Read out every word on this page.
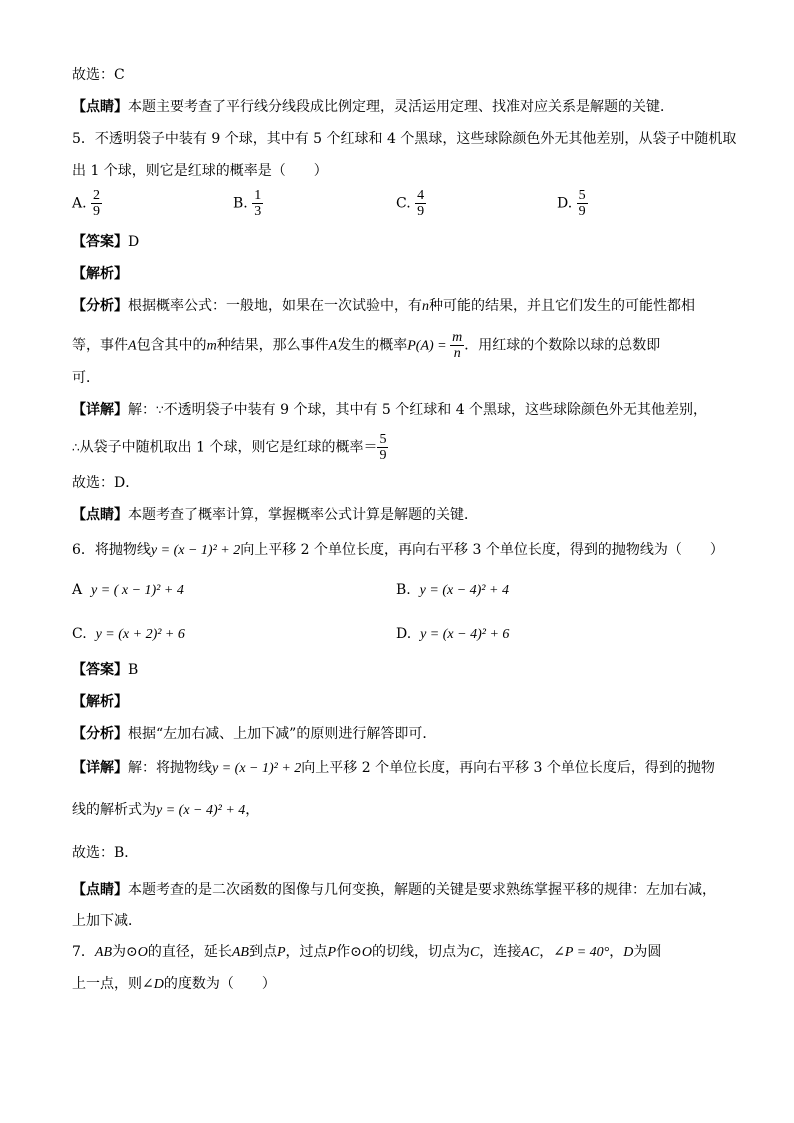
故选：C
【点睛】本题主要考查了平行线分线段成比例定理，灵活运用定理、找准对应关系是解题的关键．
5．不透明袋子中装有 9 个球，其中有 5 个红球和 4 个黑球，这些球除颜色外无其他差别，从袋子中随机取
出 1 个球，则它是红球的概率是（　　）
A. $\frac{2}{9}$	B. $\frac{1}{3}$	C. $\frac{4}{9}$	D. $\frac{5}{9}$
【答案】D
【解析】
【分析】根据概率公式：一般地，如果在一次试验中，有n种可能的结果，并且它们发生的可能性都相
等，事件A包含其中的m种结果，那么事件A发生的概率$P(A) = \frac{m}{n}$ ．用红球的个数除以球的总数即
可．
【详解】解：∵不透明袋子中装有 9 个球，其中有 5 个红球和 4 个黑球，这些球除颜色外无其他差别，
∴从袋子中随机取出 1 个球，则它是红球的概率＝ $\frac{5}{9}$
故选：D．
【点睛】本题考查了概率计算，掌握概率公式计算是解题的关键．
6．将抛物线y = (x − 1)² + 2向上平移 2 个单位长度，再向右平移 3 个单位长度，得到的抛物线为（　　）
A y = ( x − 1)² + 4	B. y = (x − 4)² + 4
C. y = (x + 2)² + 6	D. y = (x − 4)² + 6
【答案】B
【解析】
【分析】根据“左加右减、上加下减”的原则进行解答即可．
【详解】解：将抛物线y = (x − 1)² + 2向上平移 2 个单位长度，再向右平移 3 个单位长度后，得到的抛物
线的解析式为y = (x − 4)² + 4，
故选：B．
【点睛】本题考查的是二次函数的图像与几何变换，解题的关键是要求熟练掌握平移的规律：左加右减，
上加下减．
7．AB为⊙O的直径，延长AB到点P，过点P作⊙O的切线，切点为C，连接AC，∠P = 40°，D为圆
上一点，则∠D的度数为（　　）
